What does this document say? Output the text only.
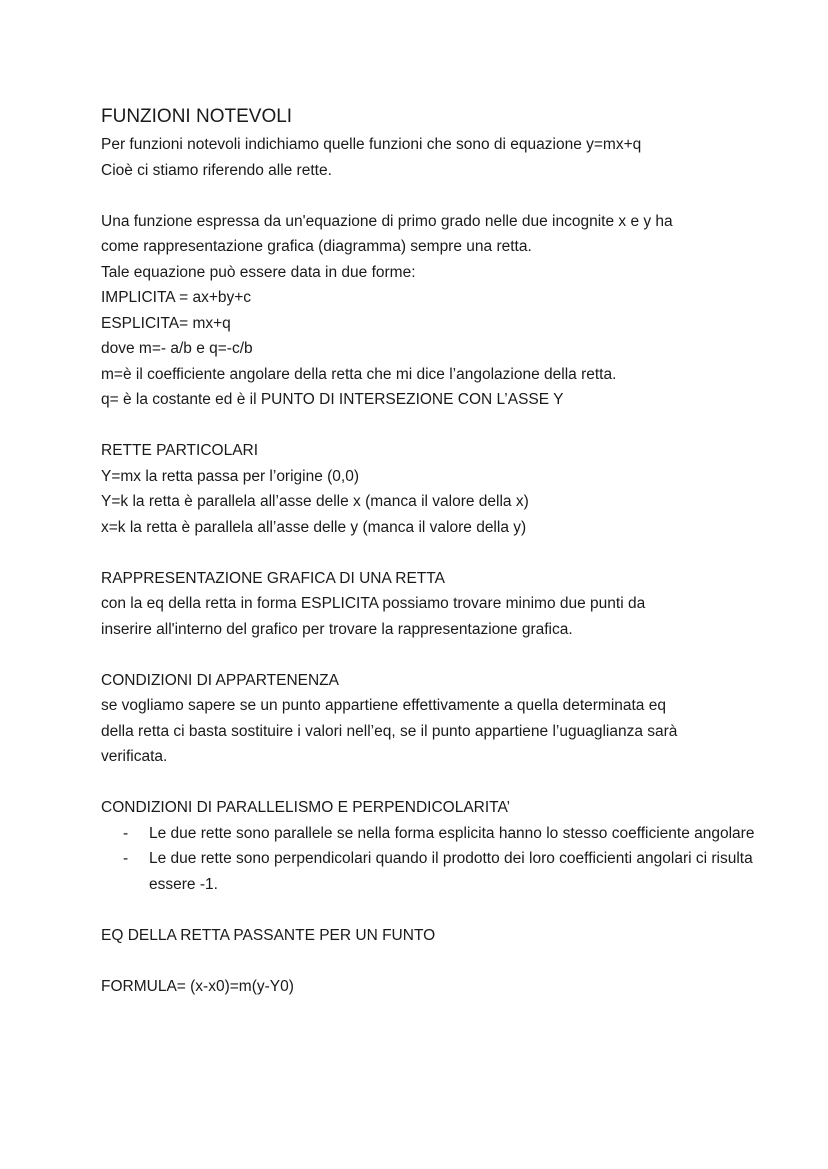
FUNZIONI NOTEVOLI

Per funzioni notevoli indichiamo quelle funzioni che sono di equazione y=mx+q

Cioè ci stiamo riferendo alle rette.

Una funzione espressa da un'equazione di primo grado nelle due incognite x e y ha

come rappresentazione grafica (diagramma) sempre una retta.

Tale equazione può essere data in due forme:

IMPLICITA = ax+by+c

ESPLICITA= mx+q

dove m=- a/b e q=-c/b

m=è il coefficiente angolare della retta che mi dice l’angolazione della retta.

q= è la costante ed è il PUNTO DI INTERSEZIONE CON L’ASSE Y

RETTE PARTICOLARI

Y=mx la retta passa per l’origine (0,0)

Y=k la retta è parallela all’asse delle x (manca il valore della x)

x=k la retta è parallela all’asse delle y (manca il valore della y)

RAPPRESENTAZIONE GRAFICA DI UNA RETTA

con la eq della retta in forma ESPLICITA possiamo trovare minimo due punti da

inserire all'interno del grafico per trovare la rappresentazione grafica.

CONDIZIONI DI APPARTENENZA

se vogliamo sapere se un punto appartiene effettivamente a quella determinata eq

della retta ci basta sostituire i valori nell’eq, se il punto appartiene l’uguaglianza sarà

verificata.

CONDIZIONI DI PARALLELISMO E PERPENDICOLARITA’

- Le due rette sono parallele se nella forma esplicita hanno lo stesso coefficiente angolare
- Le due rette sono perpendicolari quando il prodotto dei loro coefficienti angolari ci risulta essere -1.

EQ DELLA RETTA PASSANTE PER UN FUNTO

FORMULA= (x-x0)=m(y-Y0)
